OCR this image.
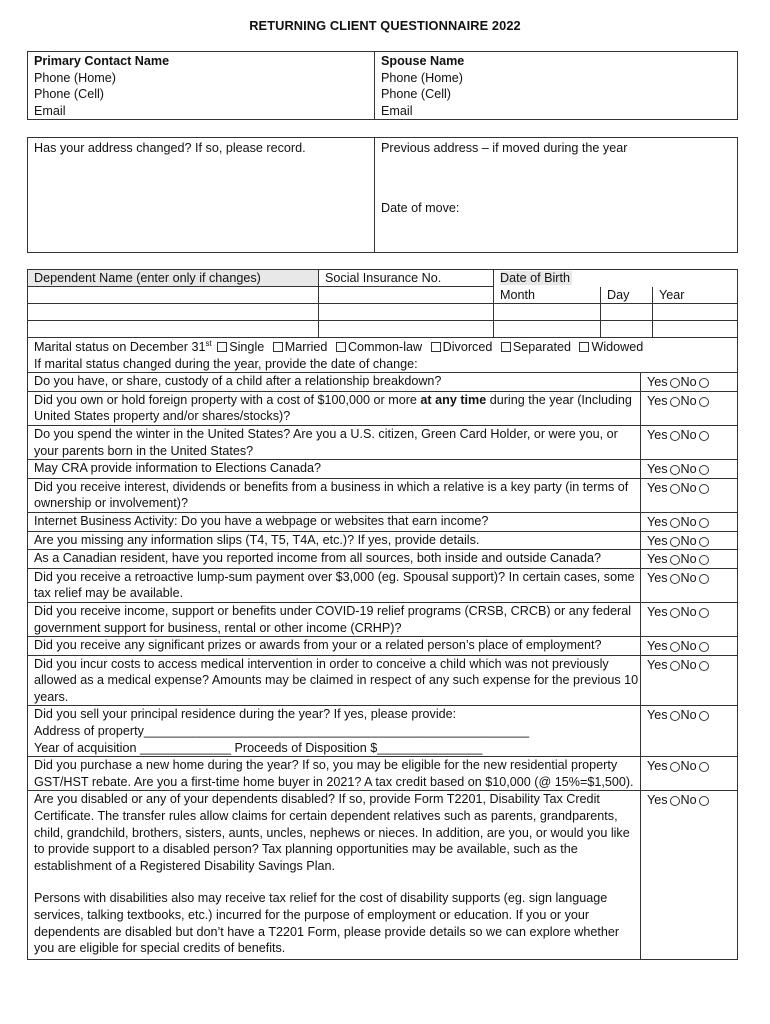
RETURNING CLIENT QUESTIONNAIRE 2022
Primary Contact Name
Phone (Home)
Phone (Cell)
Email

Spouse Name
Phone (Home)
Phone (Cell)
Email
Has your address changed? If so, please record.	Previous address – if moved during the year
Date of move:
Dependent Name (enter only if changes)	Social Insurance No.	Date of Birth		
		Month	Day	Year

Marital status on December 31st Single Married Common-law Divorced Separated Widowed
If marital status changed during the year, provide the date of change:	

Do you have, or share, custody of a child after a relationship breakdown?	Yes No
Did you own or hold foreign property with a cost of $100,000 or more at any time during the year (Including United States property and/or shares/stocks)?	Yes No
Do you spend the winter in the United States? Are you a U.S. citizen, Green Card Holder, or were you, or your parents born in the United States?	Yes No
May CRA provide information to Elections Canada?	Yes No
Did you receive interest, dividends or benefits from a business in which a relative is a key party (in terms of ownership or involvement)?	Yes No
Internet Business Activity: Do you have a webpage or websites that earn income?	Yes No
Are you missing any information slips (T4, T5, T4A, etc.)? If yes, provide details.	Yes No
As a Canadian resident, have you reported income from all sources, both inside and outside Canada?	Yes No
Did you receive a retroactive lump-sum payment over $3,000 (eg. Spousal support)? In certain cases, some tax relief may be available.	Yes No
Did you receive income, support or benefits under COVID-19 relief programs (CRSB, CRCB) or any federal government support for business, rental or other income (CRHP)?	Yes No
Did you receive any significant prizes or awards from your or a related person’s place of employment?	Yes No
Did you incur costs to access medical intervention in order to conceive a child which was not previously allowed as a medical expense? Amounts may be claimed in respect of any such expense for the previous 10 years.	Yes No

Did you sell your principal residence during the year? If yes, please provide:
Address of property_______________________________________________________
Year of acquisition _____________ Proceeds of Disposition $_______________	Yes No
Did you purchase a new home during the year? If so, you may be eligible for the new residential property GST/HST rebate. Are you a first-time home buyer in 2021? A tax credit based on $10,000 (@ 15%=$1,500).	Yes No

Are you disabled or any of your dependents disabled? If so, provide Form T2201, Disability Tax Credit Certificate. The transfer rules allow claims for certain dependent relatives such as parents, grandparents, child, grandchild, brothers, sisters, aunts, uncles, nephews or nieces. In addition, are you, or would you like to provide support to a disabled person? Tax planning opportunities may be available, such as the establishment of a Registered Disability Savings Plan.
Persons with disabilities also may receive tax relief for the cost of disability supports (eg. sign language services, talking textbooks, etc.) incurred for the purpose of employment or education. If you or your dependents are disabled but don’t have a T2201 Form, please provide details so we can explore whether you are eligible for special credits of benefits.	Yes No
